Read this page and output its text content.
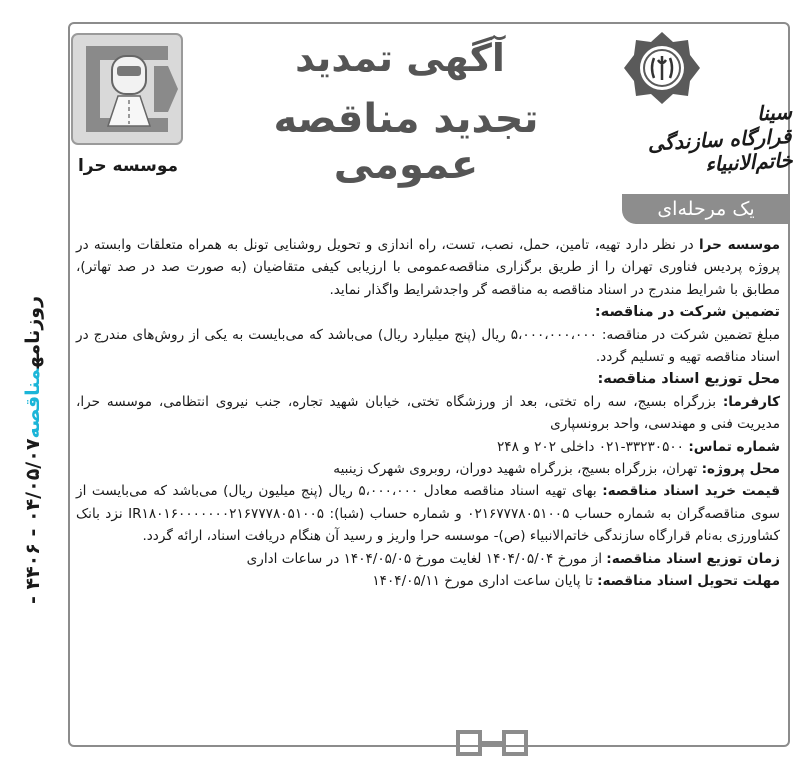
روزنامهمناقصه۰۴/۰۵/۰۷ - ۴۴۰۶ -
موسسه حرا
آگهی تمدید
تجدید مناقصه عمومی
سینا
قرارگاه سازندگی خاتم‌الانبیاء
یک مرحله‌ای

موسسه حرا در نظر دارد تهیه، تامین، حمل، نصب، تست، راه اندازی و تحویل روشنایی تونل به همراه متعلقات وابسته در پروژه پردیس فناوری تهران را از طریق برگزاری مناقصه‌عمومی با ارزیابی کیفی متقاضیان (به صورت صد در صد تهاتر)، مطابق با شرایط مندرج در اسناد مناقصه به مناقصه گر واجدشرایط واگذار نماید.

تضمین شرکت در مناقصه:

مبلغ تضمین شرکت در مناقصه: ۵،۰۰۰،۰۰۰،۰۰۰ ریال (پنج میلیارد ریال) می‌باشد که می‌بایست به یکی از روش‌های مندرج در اسناد مناقصه تهیه و تسلیم گردد.

محل توزیع اسناد مناقصه:

کارفرما: بزرگراه بسیج، سه راه تختی، بعد از ورزشگاه تختی، خیابان شهید تجاره، جنب نیروی انتظامی، موسسه حرا، مدیریت فنی و مهندسی، واحد برونسپاری

شماره تماس: ۳۳۲۳۰۵۰۰-۰۲۱ داخلی ۲۰۲ و ۲۴۸

محل پروژه: تهران، بزرگراه بسیج، بزرگراه شهید دوران، روبروی شهرک زینبیه

قیمت خرید اسناد مناقصه: بهای تهیه اسناد مناقصه معادل ۵،۰۰۰،۰۰۰ ریال (پنج میلیون ریال) می‌باشد که می‌بایست از سوی مناقصه‌گران به شماره حساب ۰۲۱۶۷۷۷۸۰۵۱۰۰۵ و شماره حساب (شبا): IR۱۸۰۱۶۰۰۰۰۰۰۰۲۱۶۷۷۷۸۰۵۱۰۰۵ نزد بانک کشاورزی به‌نام قرارگاه سازندگی خاتم‌الانبیاء (ص)- موسسه حرا واریز و رسید آن هنگام دریافت اسناد، ارائه گردد.

زمان توزیع اسناد مناقصه: از مورخ ۱۴۰۴/۰۵/۰۴ لغایت مورخ ۱۴۰۴/۰۵/۰۵ در ساعات اداری

مهلت تحویل اسناد مناقصه: تا پایان ساعت اداری مورخ ۱۴۰۴/۰۵/۱۱
